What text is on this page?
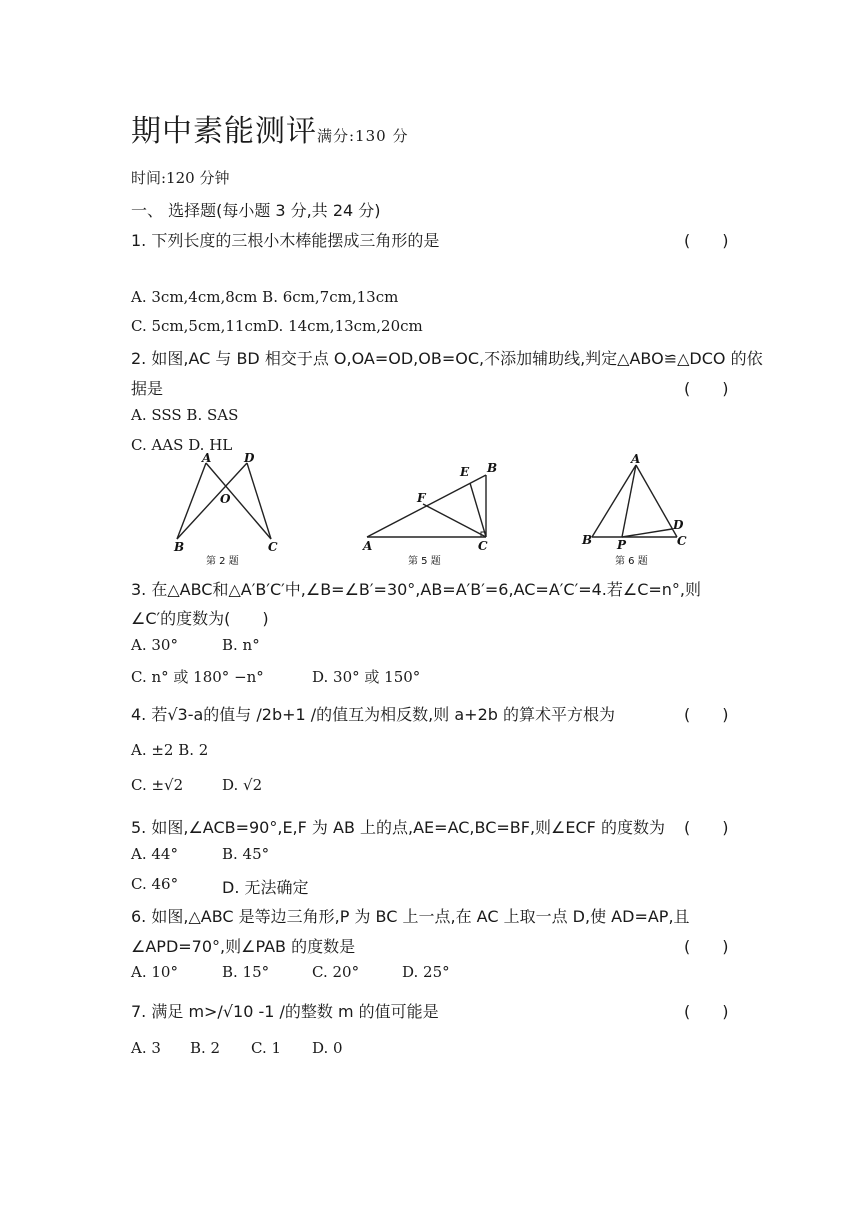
期中素能测评满分:130 分
时间:120 分钟
一、 选择题(每小题 3 分,共 24 分)
1. 下列长度的三根小木棒能摆成三角形的是	(　　)
A. 3cm,4cm,8cm B. 6cm,7cm,13cm
C. 5cm,5cm,11cmD. 14cm,13cm,20cm
2. 如图,AC 与 BD 相交于点 O,OA=OD,OB=OC,不添加辅助线,判定△ABO≌△DCO 的依
据是	(　　)
A. SSS B. SAS
C. AAS D. HL
A	D
O
B	C
第 2 题
E B
F
A	C
第 5 题
A
D
B P	C
第 6 题
3. 在△ABC和△A′B′C′中,∠B=∠B′=30°,AB=A′B′=6,AC=A′C′=4.若∠C=n°,则
∠C′的度数为(　　)
A. 30°	B. n°
C. n° 或 180° −n°	D. 30° 或 150°
4. 若√3-a的值与 /2b+1 /的值互为相反数,则 a+2b 的算术平方根为	(　　)
A. ±2 B. 2
C. ±√2	D. √2
5. 如图,∠ACB=90°,E,F 为 AB 上的点,AE=AC,BC=BF,则∠ECF 的度数为 (　　)
A. 44°	B. 45°
C. 46°	D. 无法确定
6. 如图,△ABC 是等边三角形,P 为 BC 上一点,在 AC 上取一点 D,使 AD=AP,且
∠APD=70°,则∠PAB 的度数是	(　　)
A. 10°	B. 15°	C. 20°	D. 25°
7. 满足 m>/√10 -1 /的整数 m 的值可能是	(　　)
A. 3 B. 2 C. 1 D. 0
